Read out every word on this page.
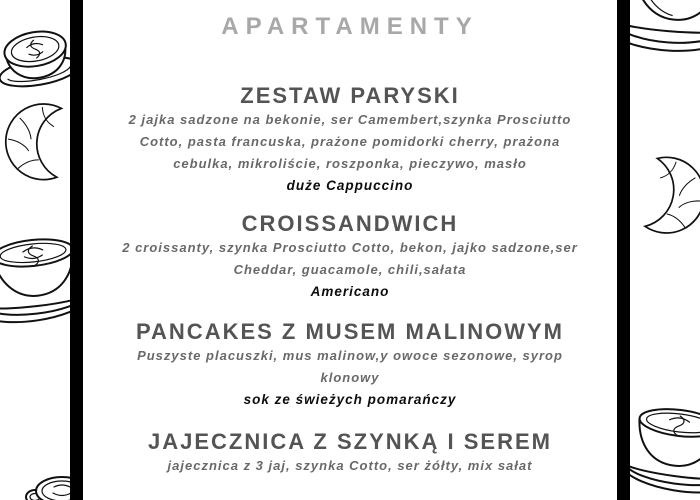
APARTAMENTY
ZESTAW PARYSKI
2 jajka sadzone na bekonie, ser Camembert,szynka Prosciutto Cotto, pasta francuska, prażone pomidorki cherry, prażona cebulka, mikroliście, roszponka, pieczywo, masło
duże Cappuccino
CROISSANDWICH
2 croissanty, szynka Prosciutto Cotto, bekon, jajko sadzone,ser Cheddar, guacamole, chili,sałata
Americano
PANCAKES Z MUSEM MALINOWYM
Puszyste placuszki, mus malinow,y owoce sezonowe, syrop klonowy
sok ze świeżych pomarańczy
JAJECZNICA Z SZYNKĄ I SEREM
jajecznica z 3 jaj, szynka Cotto, ser żółty, mix sałat
